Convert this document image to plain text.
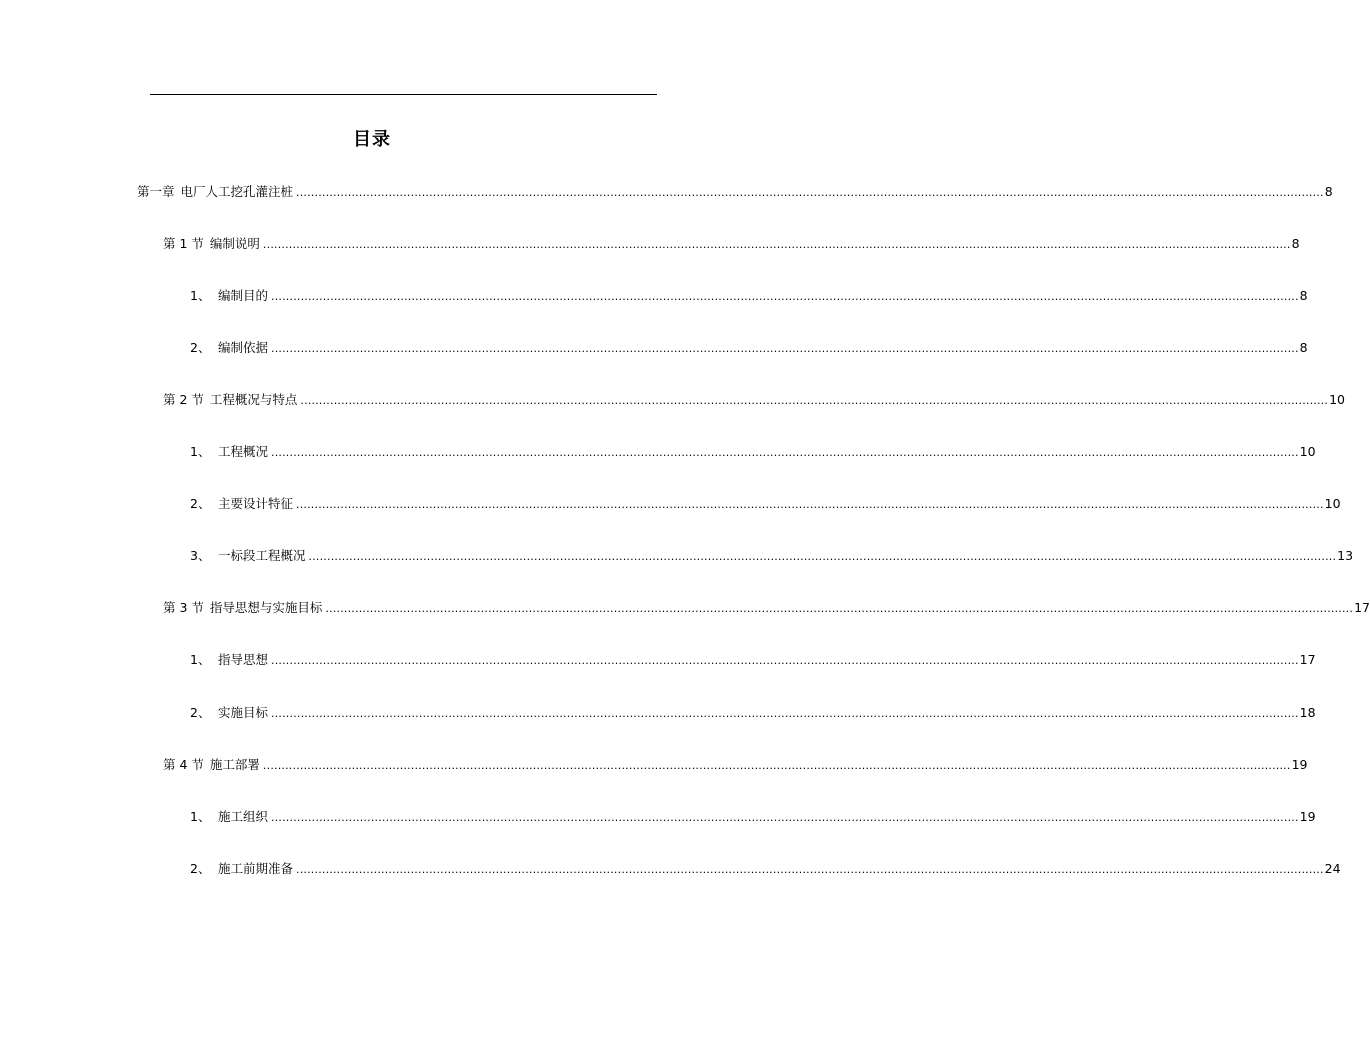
目录
第一章 电厂人工挖孔灌注桩 ...................................................................................................................................................................................................................................................................................... 8
第 1 节 编制说明 ...................................................................................................................................................................................................................................................................................... 8
1、 编制目的 ...................................................................................................................................................................................................................................................................................... 8
2、 编制依据 ...................................................................................................................................................................................................................................................................................... 8
第 2 节 工程概况与特点 ...................................................................................................................................................................................................................................................................................... 10
1、 工程概况 ...................................................................................................................................................................................................................................................................................... 10
2、 主要设计特征 ...................................................................................................................................................................................................................................................................................... 10
3、 一标段工程概况 ...................................................................................................................................................................................................................................................................................... 13
第 3 节 指导思想与实施目标 ...................................................................................................................................................................................................................................................................................... 17
1、 指导思想 ...................................................................................................................................................................................................................................................................................... 17
2、 实施目标 ...................................................................................................................................................................................................................................................................................... 18
第 4 节 施工部署 ...................................................................................................................................................................................................................................................................................... 19
1、 施工组织 ...................................................................................................................................................................................................................................................................................... 19
2、 施工前期准备 ...................................................................................................................................................................................................................................................................................... 24
